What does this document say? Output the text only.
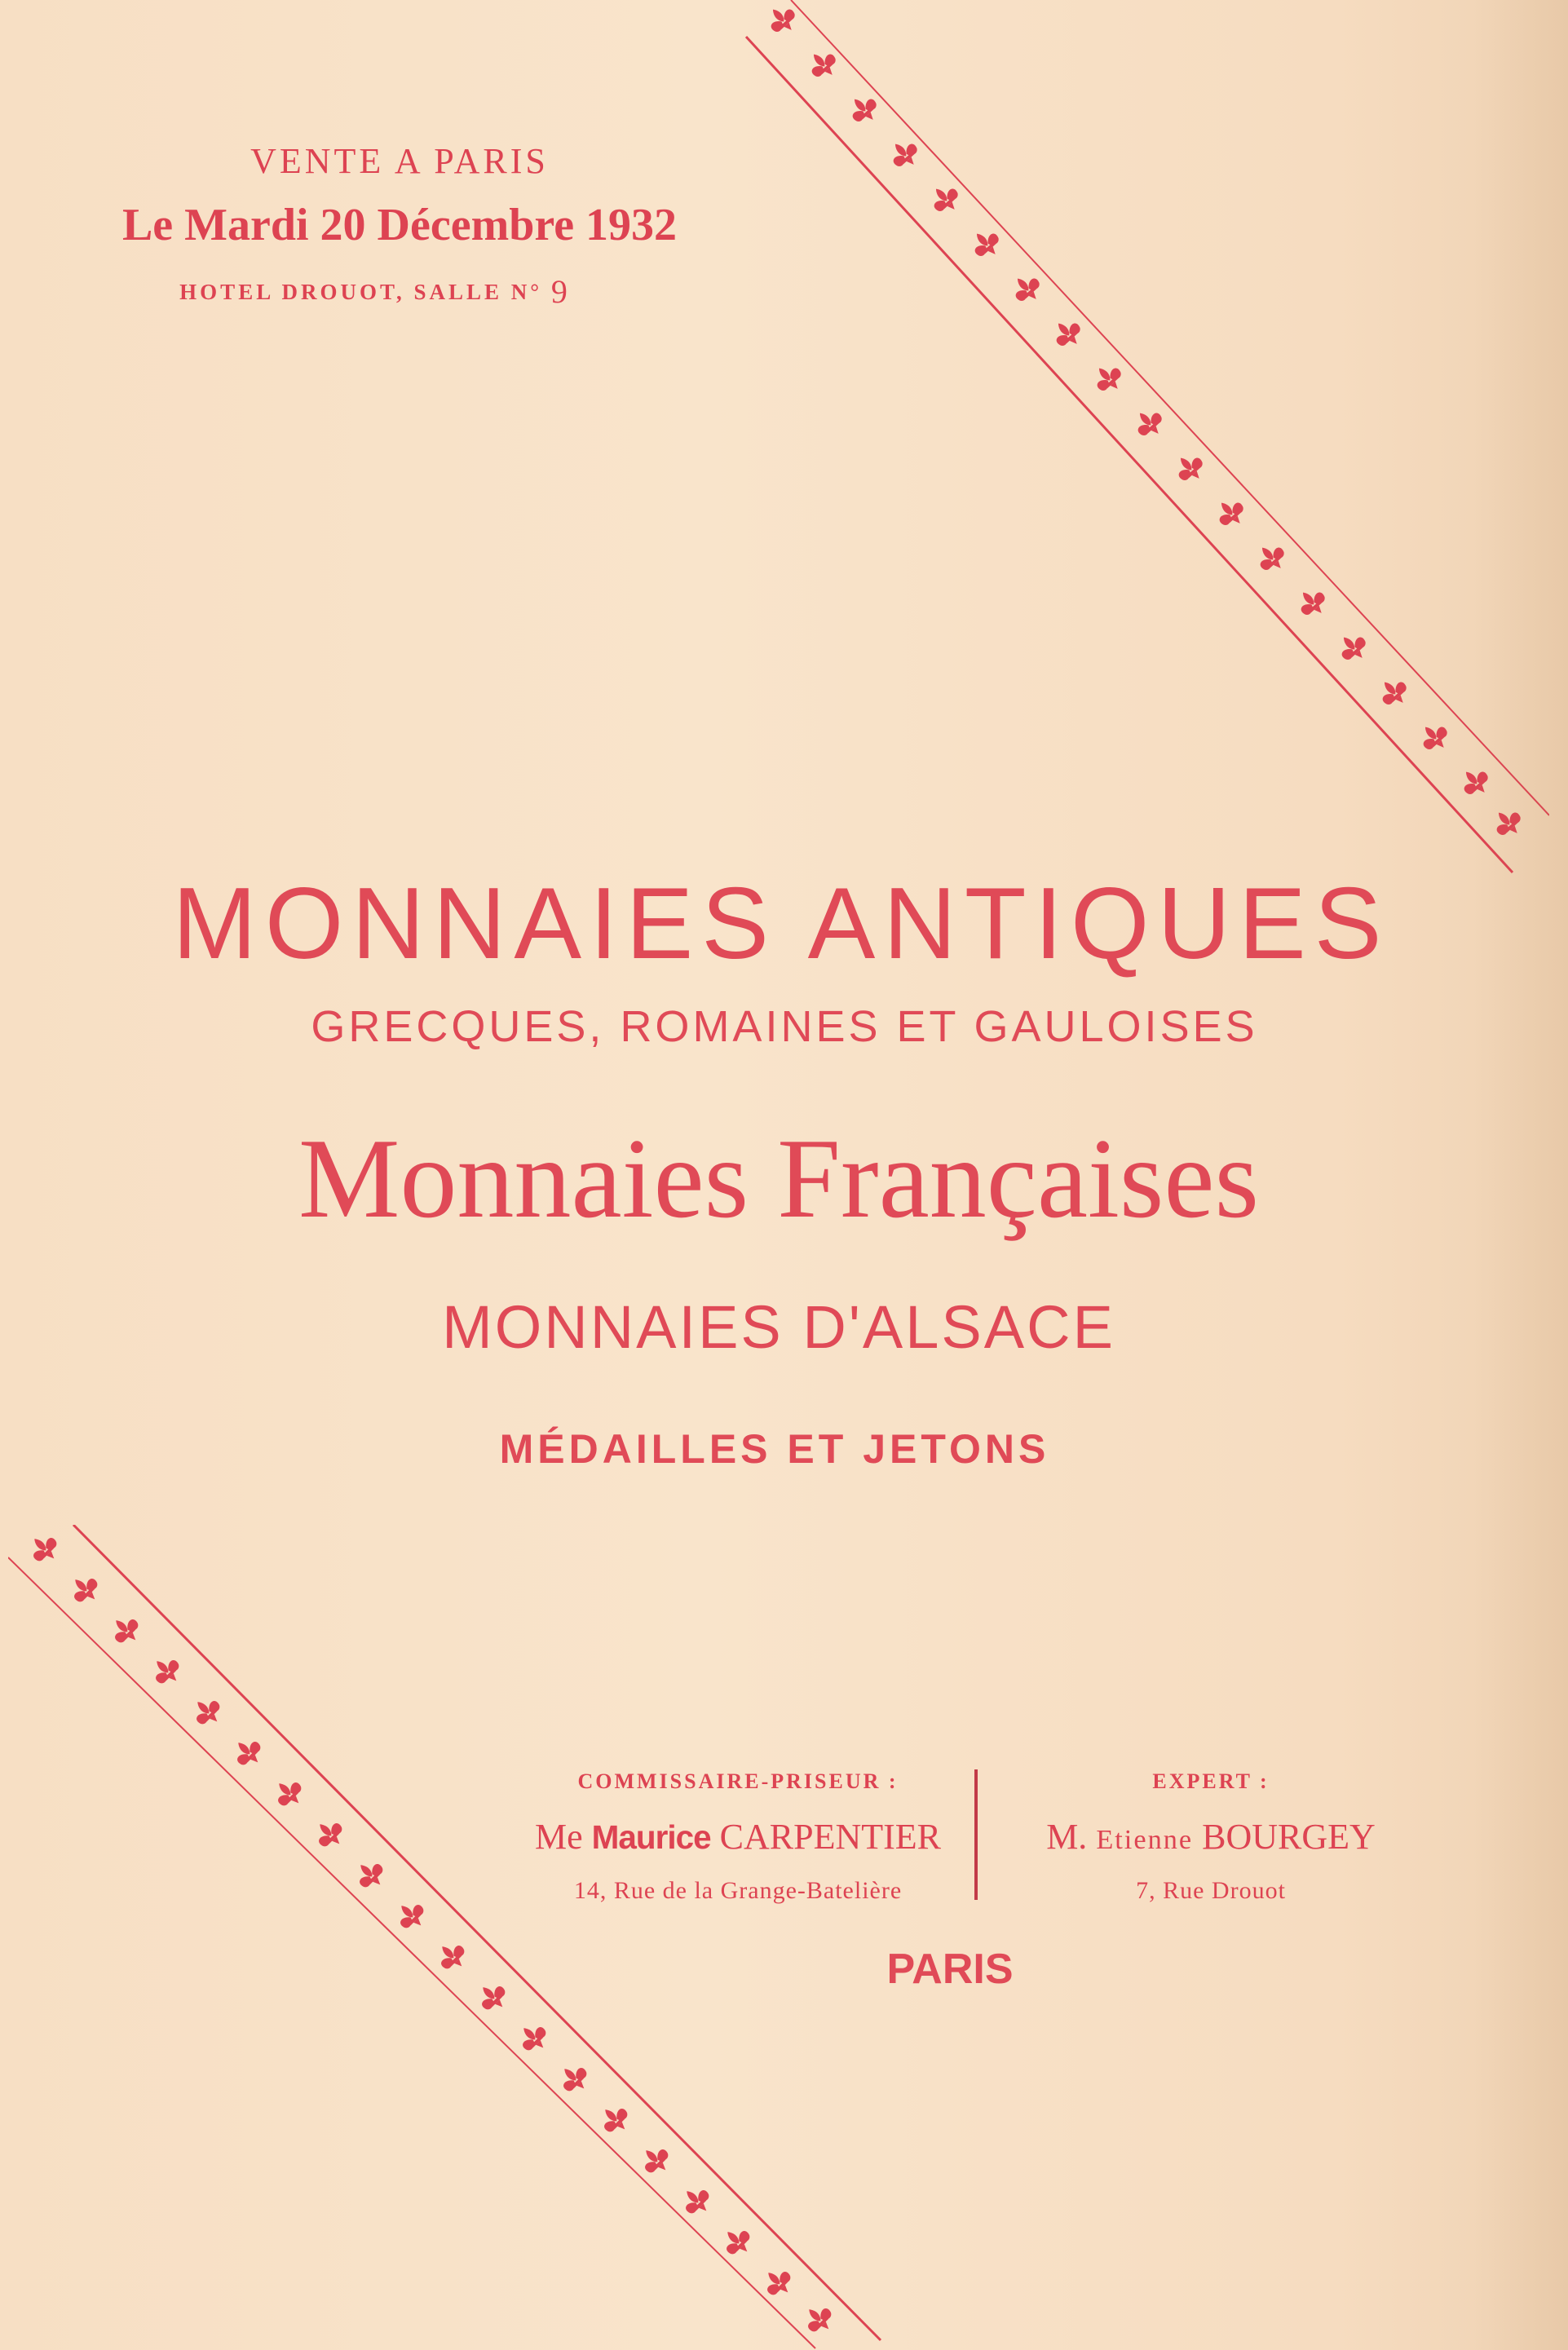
VENTE A PARIS
Le Mardi 20 Décembre 1932
HOTEL DROUOT, SALLE N° 9
MONNAIES ANTIQUES
GRECQUES, ROMAINES ET GAULOISES
Monnaies Françaises
MONNAIES D'ALSACE
MÉDAILLES ET JETONS
COMMISSAIRE-PRISEUR :
Me Maurice CARPENTIER
14, Rue de la Grange-Batelière
EXPERT :
M. Etienne BOURGEY
7, Rue Drouot
PARIS
